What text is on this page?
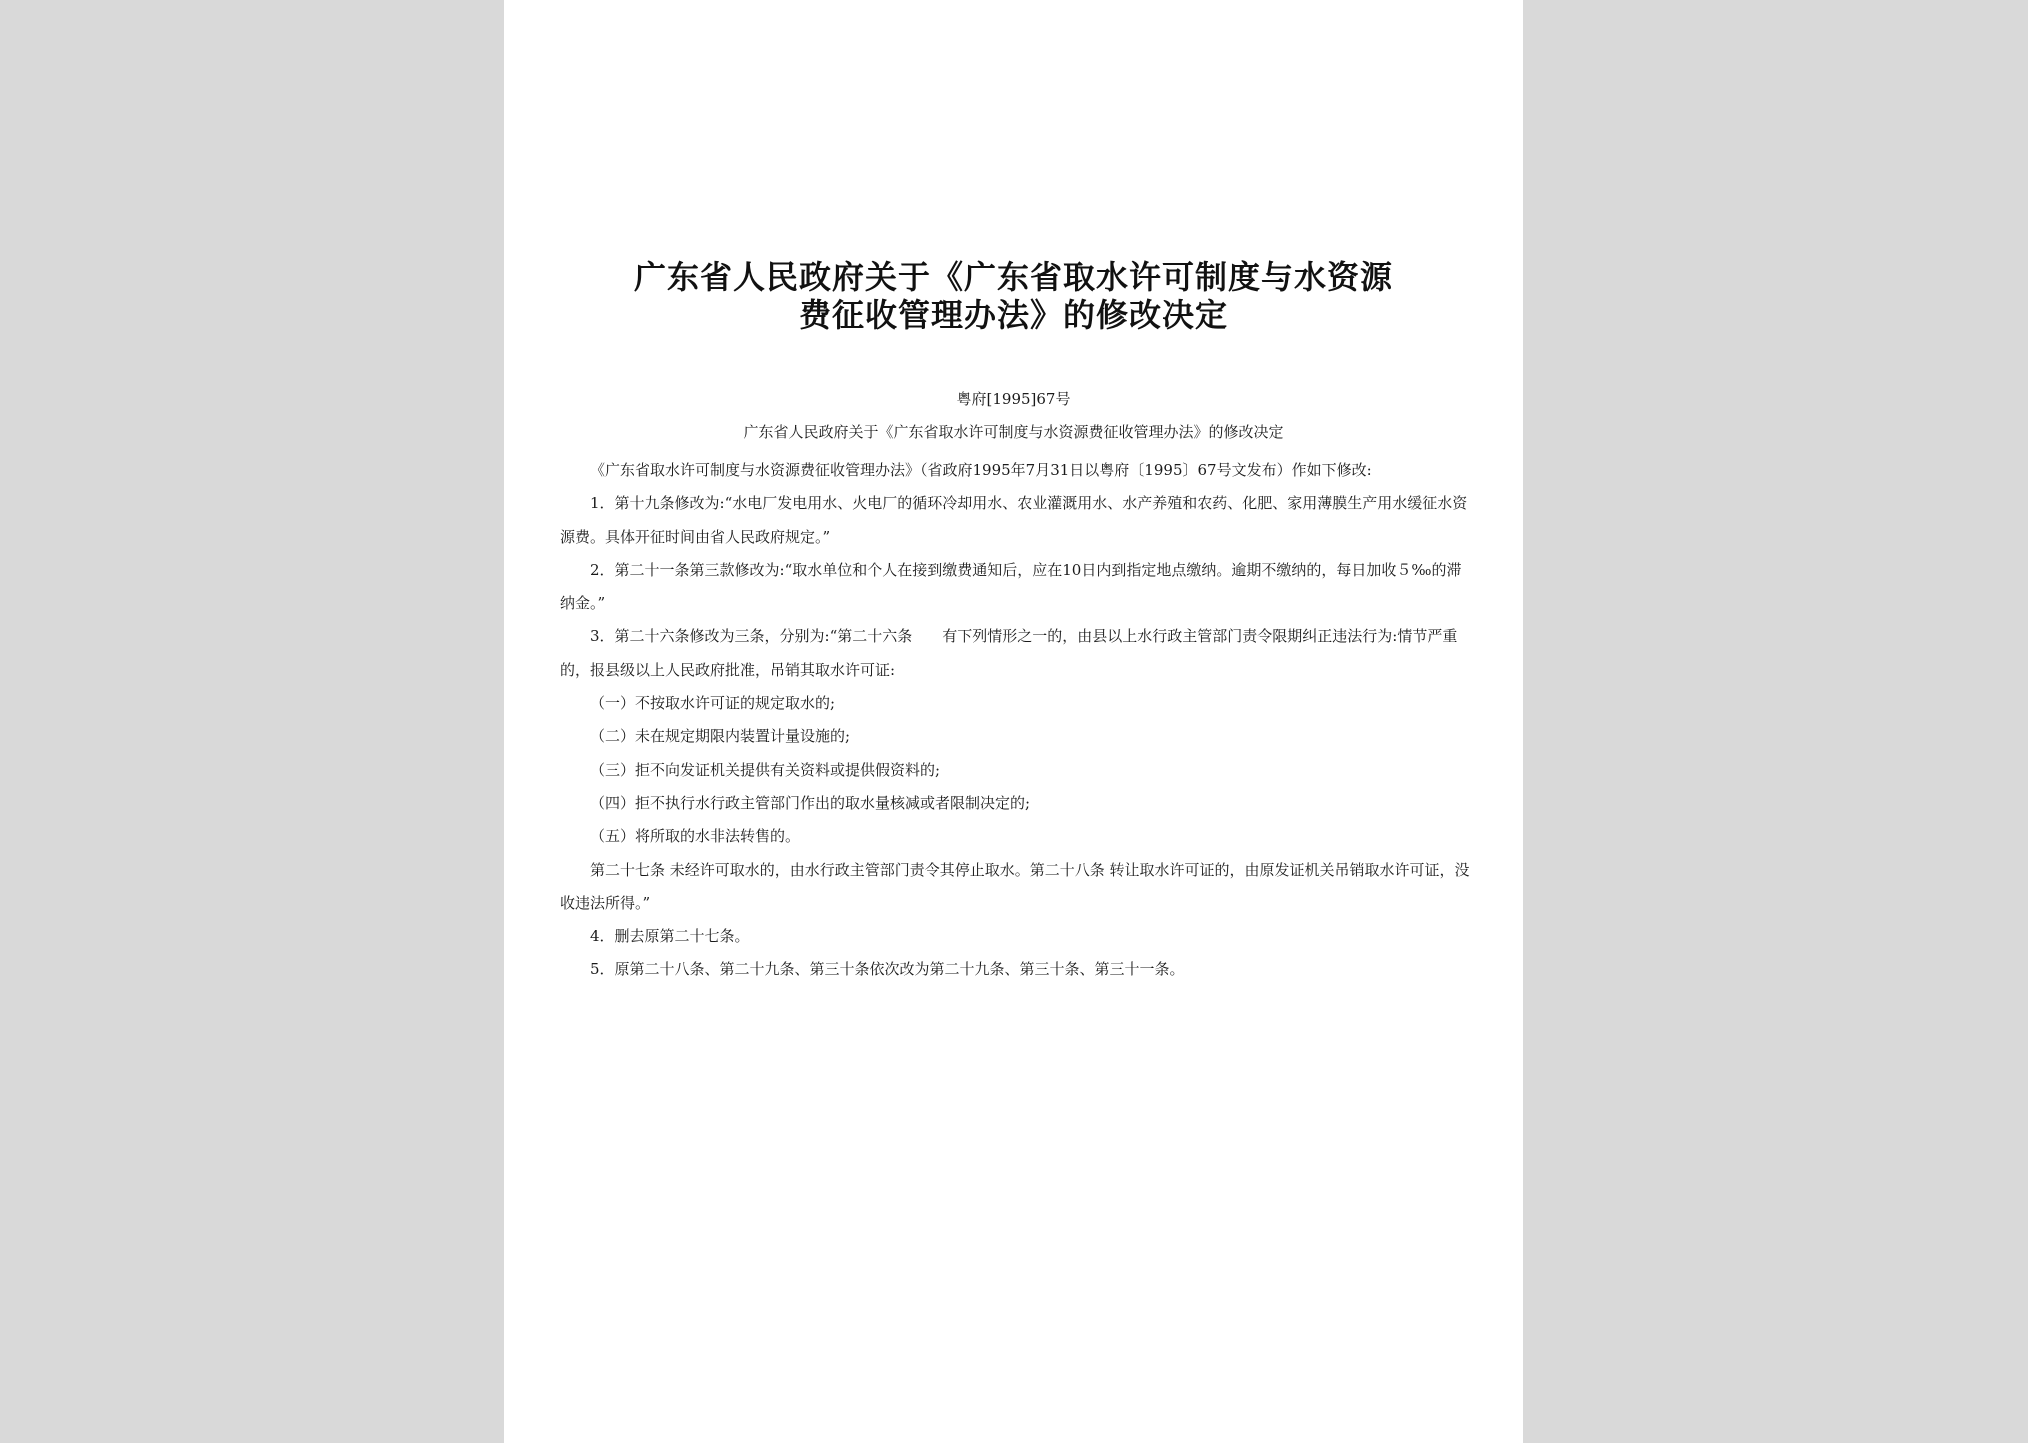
广东省人民政府关于《广东省取水许可制度与水资源
费征收管理办法》的修改决定
粤府[1995]67号
广东省人民政府关于《广东省取水许可制度与水资源费征收管理办法》的修改决定

《广东省取水许可制度与水资源费征收管理办法》（省政府1995年7月31日以粤府〔1995〕67号文发布）作如下修改:

1．第十九条修改为:“水电厂发电用水、火电厂的循环冷却用水、农业灌溉用水、水产养殖和农药、化肥、家用薄膜生产用水缓征水资源费。具体开征时间由省人民政府规定。”

2．第二十一条第三款修改为:“取水单位和个人在接到缴费通知后，应在10日内到指定地点缴纳。逾期不缴纳的，每日加收５‰的滞纳金。”

3．第二十六条修改为三条，分别为:“第二十六条　　有下列情形之一的，由县以上水行政主管部门责令限期纠正违法行为:情节严重的，报县级以上人民政府批准，吊销其取水许可证:

（一）不按取水许可证的规定取水的;

（二）未在规定期限内装置计量设施的;

（三）拒不向发证机关提供有关资料或提供假资料的;

（四）拒不执行水行政主管部门作出的取水量核减或者限制决定的;

（五）将所取的水非法转售的。

第二十七条 未经许可取水的，由水行政主管部门责令其停止取水。第二十八条 转让取水许可证的，由原发证机关吊销取水许可证，没收违法所得。”

4．删去原第二十七条。

5．原第二十八条、第二十九条、第三十条依次改为第二十九条、第三十条、第三十一条。
